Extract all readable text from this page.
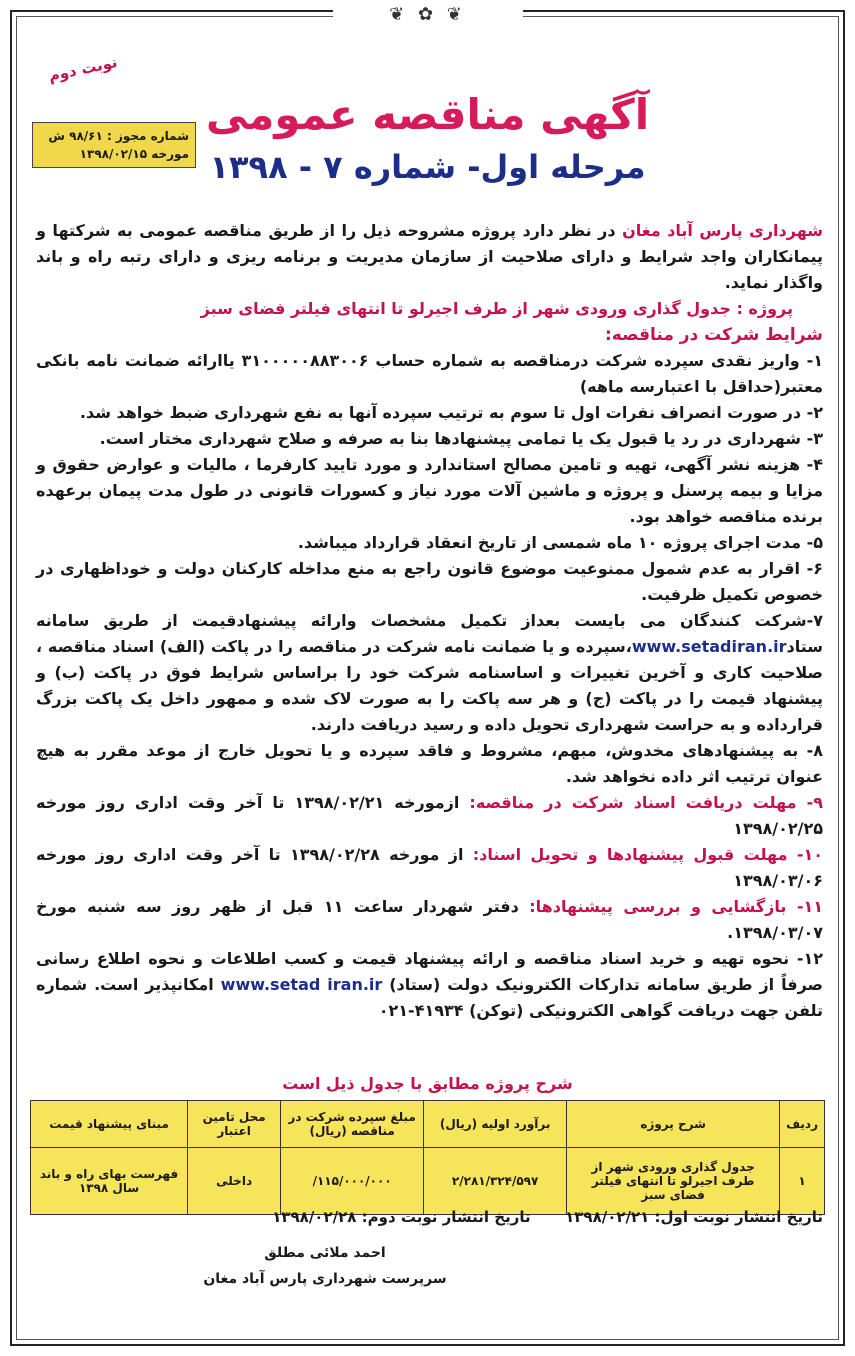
❦ ✿ ❦
نوبت دوم
شماره مجوز : ۹۸/۶۱ ش
مورخه ۱۳۹۸/۰۲/۱۵
آگهی مناقصه عمومی
مرحله اول- شماره ۷ - ۱۳۹۸

شهرداری پارس آباد مغان در نظر دارد پروژه مشروحه ذیل را از طریق مناقصه عمومی به شرکتها و پیمانکاران واجد شرایط و دارای صلاحیت از سازمان مدیریت و برنامه ریزی و دارای رتبه راه و باند واگذار نماید.

پروژه : جدول گذاری ورودی شهر از طرف اجیرلو تا انتهای فیلتر فضای سبز

شرایط شرکت در مناقصه:

۱- واریز نقدی سپرده شرکت درمناقصه به شماره حساب ۳۱۰۰۰۰۰۸۸۳۰۰۶ یاارائه ضمانت نامه بانکی معتبر(حداقل با اعتبارسه ماهه)

۲- در صورت انصراف نفرات اول تا سوم به ترتیب سپرده آنها به نفع شهرداری ضبط خواهد شد.

۳- شهرداری در رد یا قبول یک یا تمامی پیشنهادها بنا به صرفه و صلاح شهرداری مختار است.

۴- هزینه نشر آگهی، تهیه و تامین مصالح استاندارد و مورد تایید کارفرما ، مالیات و عوارض حقوق و مزایا و بیمه پرسنل و پروژه و ماشین آلات مورد نیاز و کسورات قانونی در طول مدت پیمان برعهده برنده مناقصه خواهد بود.

۵- مدت اجرای پروژه ۱۰ ماه شمسی از تاریخ انعقاد قرارداد میباشد.

۶- اقرار به عدم شمول ممنوعیت موضوع قانون راجع به منع مداخله کارکنان دولت و خوداظهاری در خصوص تکمیل ظرفیت.

۷-شرکت کنندگان می بایست بعداز تکمیل مشخصات وارائه پیشنهادقیمت از طریق سامانه ستادwww.setadiran.ir،سپرده و یا ضمانت نامه شرکت در مناقصه را در پاکت (الف) اسناد مناقصه ، صلاحیت کاری و آخرین تغییرات و اساسنامه شرکت خود را براساس شرایط فوق در پاکت (ب) و پیشنهاد قیمت را در پاکت (ج) و هر سه پاکت را به صورت لاک شده و ممهور داخل یک پاکت بزرگ قرارداده و به حراست شهرداری تحویل داده و رسید دریافت دارند.

۸- به پیشنهادهای مخدوش، مبهم، مشروط و فاقد سپرده و یا تحویل خارج از موعد مقرر به هیچ عنوان ترتیب اثر داده نخواهد شد.

۹- مهلت دریافت اسناد شرکت در مناقصه: ازمورخه ۱۳۹۸/۰۲/۲۱ تا آخر وقت اداری روز مورخه ۱۳۹۸/۰۲/۲۵

۱۰- مهلت قبول پیشنهادها و تحویل اسناد: از مورخه ۱۳۹۸/۰۲/۲۸ تا آخر وقت اداری روز مورخه ۱۳۹۸/۰۳/۰۶

۱۱- بازگشایی و بررسی پیشنهادها: دفتر شهردار ساعت ۱۱ قبل از ظهر روز سه شنبه مورخ ۱۳۹۸/۰۳/۰۷.

۱۲- نحوه تهیه و خرید اسناد مناقصه و ارائه پیشنهاد قیمت و کسب اطلاعات و نحوه اطلاع رسانی صرفاً از طریق سامانه تدارکات الکترونیک دولت (ستاد) www.setad iran.ir امکانپذیر است. شماره تلفن جهت دریافت گواهی الکترونیکی (توکن) ۴۱۹۳۴-۰۲۱

شرح پروژه مطابق با جدول ذیل است
ردیف	شرح پروژه	برآورد اولیه (ریال)	مبلغ سپرده شرکت در مناقصه (ریال)	محل تامین اعتبار	مبنای پیشنهاد قیمت
۱	جدول گذاری ورودی شهر از طرف اجیرلو تا انتهای فیلتر فضای سبز	۲/۲۸۱/۳۲۴/۵۹۷	۱۱۵/۰۰۰/۰۰۰/	داخلی	فهرست بهای راه و باند سال ۱۳۹۸
تاریخ انتشار نوبت اول: ۱۳۹۸/۰۲/۲۱  تاریخ انتشار نوبت دوم: ۱۳۹۸/۰۲/۲۸
احمد ملائی مطلق
سرپرست شهرداری پارس آباد مغان
